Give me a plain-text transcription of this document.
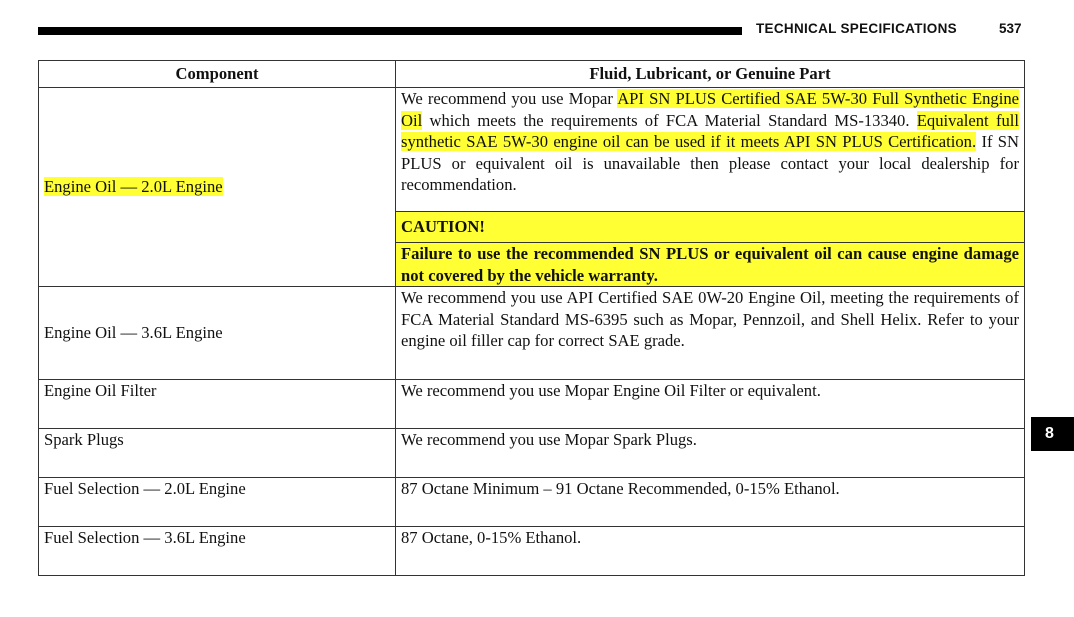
TECHNICAL SPECIFICATIONS	537
8
Component	Fluid, Lubricant, or Genuine Part
Engine Oil — 2.0L Engine	We recommend you use Mopar API SN PLUS Certified SAE 5W-30 Full Synthetic Engine Oil which meets the requirements of FCA Material Standard MS-13340. Equivalent full synthetic SAE 5W-30 engine oil can be used if it meets API SN PLUS Certification. If SN PLUS or equivalent oil is unavailable then please contact your local dealership for recommendation.
	CAUTION!
	Failure to use the recommended SN PLUS or equivalent oil can cause engine damage not covered by the vehicle warranty.
Engine Oil — 3.6L Engine	We recommend you use API Certified SAE 0W-20 Engine Oil, meeting the requirements of FCA Material Standard MS-6395 such as Mopar, Pennzoil, and Shell Helix. Refer to your engine oil filler cap for correct SAE grade.
Engine Oil Filter	We recommend you use Mopar Engine Oil Filter or equivalent.
Spark Plugs	We recommend you use Mopar Spark Plugs.
Fuel Selection — 2.0L Engine	87 Octane Minimum – 91 Octane Recommended, 0-15% Ethanol.
Fuel Selection — 3.6L Engine	87 Octane, 0-15% Ethanol.
